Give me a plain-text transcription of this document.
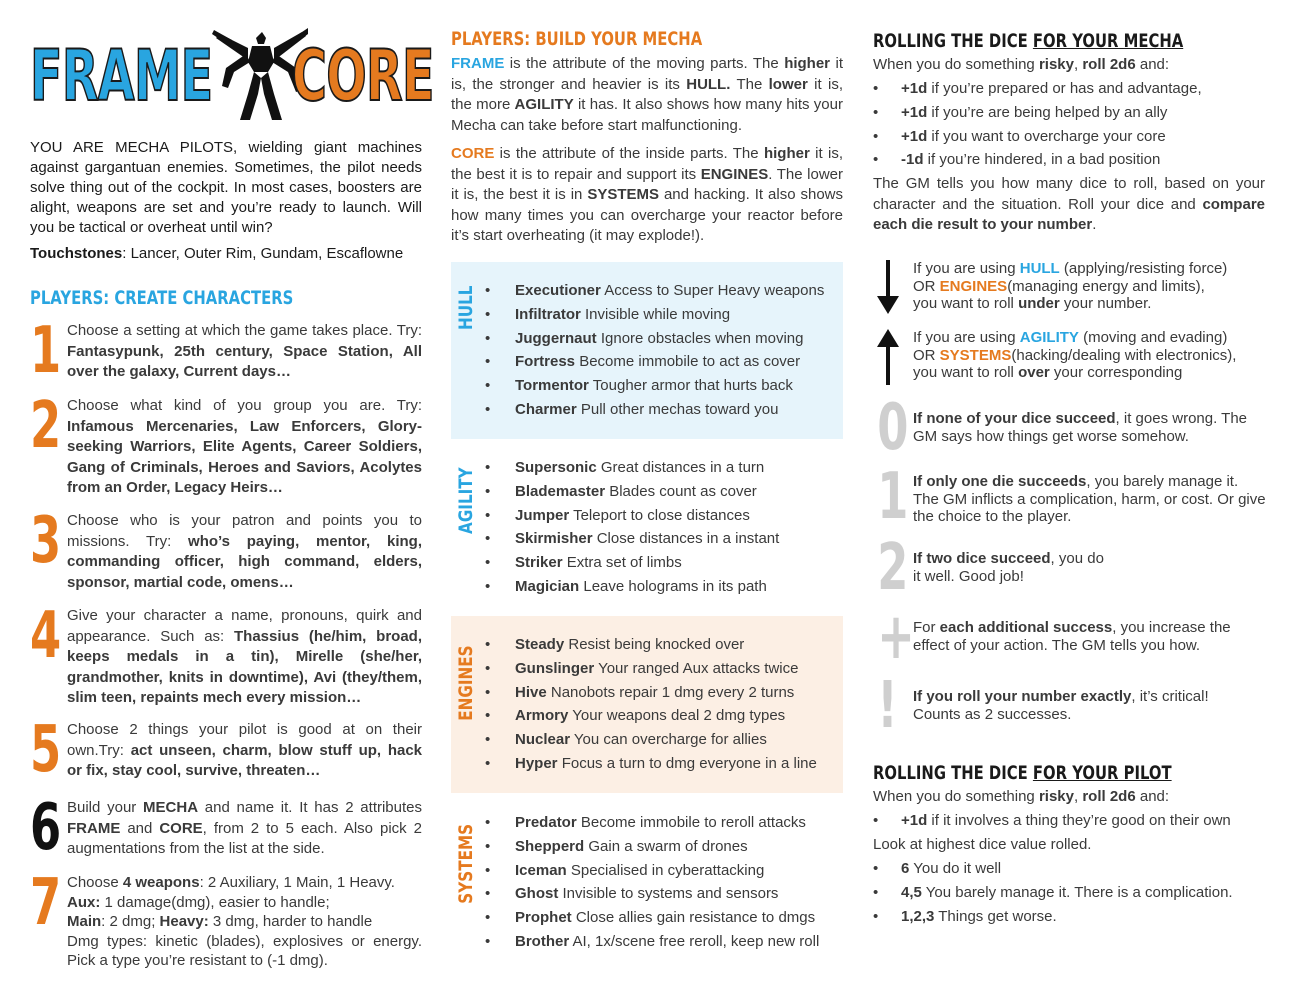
FRAME CORE

YOU ARE MECHA PILOTS, wielding giant machines against gargantuan enemies. Sometimes, the pilot needs solve thing out of the cockpit. In most cases, boosters are alight, weapons are set and you’re ready to launch. Will you be tactical or overheat until win?

Touchstones: Lancer, Outer Rim, Gundam, Escaflowne

PLAYERS: CREATE CHARACTERS
1 Choose a setting at which the game takes place. Try: Fantasypunk, 25th century, Space Station, All over the galaxy, Current days…

2 Choose what kind of you group you are. Try: Infamous Mercenaries, Law Enforcers, Glory-seeking Warriors, Elite Agents, Career Soldiers, Gang of Criminals, Heroes and Saviors, Acolytes from an Order, Legacy Heirs…

3 Choose who is your patron and points you to missions. Try: who’s paying, mentor, king, commanding officer, high command, elders, sponsor, martial code, omens…

4 Give your character a name, pronouns, quirk and appearance. Such as: Thassius (he/him, broad, keeps medals in a tin), Mirelle (she/her, grandmother, knits in downtime), Avi (they/them, slim teen, repaints mech every mission…

5 Choose 2 things your pilot is good at on their own.Try: act unseen, charm, blow stuff up, hack or fix, stay cool, survive, threaten…

6 Build your MECHA and name it. It has 2 attributes FRAME and CORE, from 2 to 5 each. Also pick 2 augmentations from the list at the side.

7 Choose 4 weapons: 2 Auxiliary, 1 Main, 1 Heavy.
Aux: 1 damage(dmg), easier to handle;
Main: 2 dmg; Heavy: 3 dmg, harder to handle
Dmg types: kinetic (blades), explosives or energy. Pick a type you’re resistant to (-1 dmg).

PLAYERS: BUILD YOUR MECHA

FRAME is the attribute of the moving parts. The higher it is, the stronger and heavier is its HULL. The lower it is, the more AGILITY it has. It also shows how many hits your Mecha can take before start malfunctioning.

CORE is the attribute of the inside parts. The higher it is, the best it is to repair and support its ENGINES. The lower it is, the best it is in SYSTEMS and hacking. It also shows how many times you can overcharge your reactor before it’s start overheating (it may explode!).

HULL	• Executioner Access to Super Heavy weapons
• Infiltrator Invisible while moving
• Juggernaut Ignore obstacles when moving
• Fortress Become immobile to act as cover
• Tormentor Tougher armor that hurts back
• Charmer Pull other mechas toward you
AGILITY	• Supersonic Great distances in a turn
• Blademaster Blades count as cover
• Jumper Teleport to close distances
• Skirmisher Close distances in a instant
• Striker Extra set of limbs
• Magician Leave holograms in its path
ENGINES
• Steady Resist being knocked over
• Gunslinger Your ranged Aux attacks twice
• Hive Nanobots repair 1 dmg every 2 turns
• Armory Your weapons deal 2 dmg types
• Nuclear You can overcharge for allies
• Hyper Focus a turn to dmg everyone in a line
SYSTEMS
• Predator Become immobile to reroll attacks
• Shepperd Gain a swarm of drones
• Iceman Specialised in cyberattacking
• Ghost Invisible to systems and sensors
• Prophet Close allies gain resistance to dmgs
• Brother AI, 1x/scene free reroll, keep new roll
ROLLING THE DICE FOR YOUR MECHA

When you do something risky, roll 2d6 and:

• +1d if you’re prepared or has and advantage,
• +1d if you’re are being helped by an ally
• +1d if you want to overcharge your core
• -1d if you’re hindered, in a bad position

The GM tells you how many dice to roll, based on your character and the situation. Roll your dice and compare each die result to your number.

If you are using HULL (applying/resisting force)
OR ENGINES(managing energy and limits),
you want to roll under your number.

If you are using AGILITY (moving and evading)
OR SYSTEMS(hacking/dealing with electronics),
you want to roll over your corresponding

0 If none of your dice succeed, it goes wrong. The GM says how things get worse somehow.

1 If only one die succeeds, you barely manage it. The GM inflicts a complication, harm, or cost. Or give the choice to the player.

2 If two dice succeed, you do it well. Good job!

+

For each additional success, you increase the effect of your action. The GM tells you how.

! If you roll your number exactly, it’s critical! Counts as 2 successes.

ROLLING THE DICE FOR YOUR PILOT

When you do something risky, roll 2d6 and:

• +1d if it involves a thing they’re good on their own

Look at highest dice value rolled.

• 6 You do it well
• 4,5 You barely manage it. There is a complication.
• 1,2,3 Things get worse.
